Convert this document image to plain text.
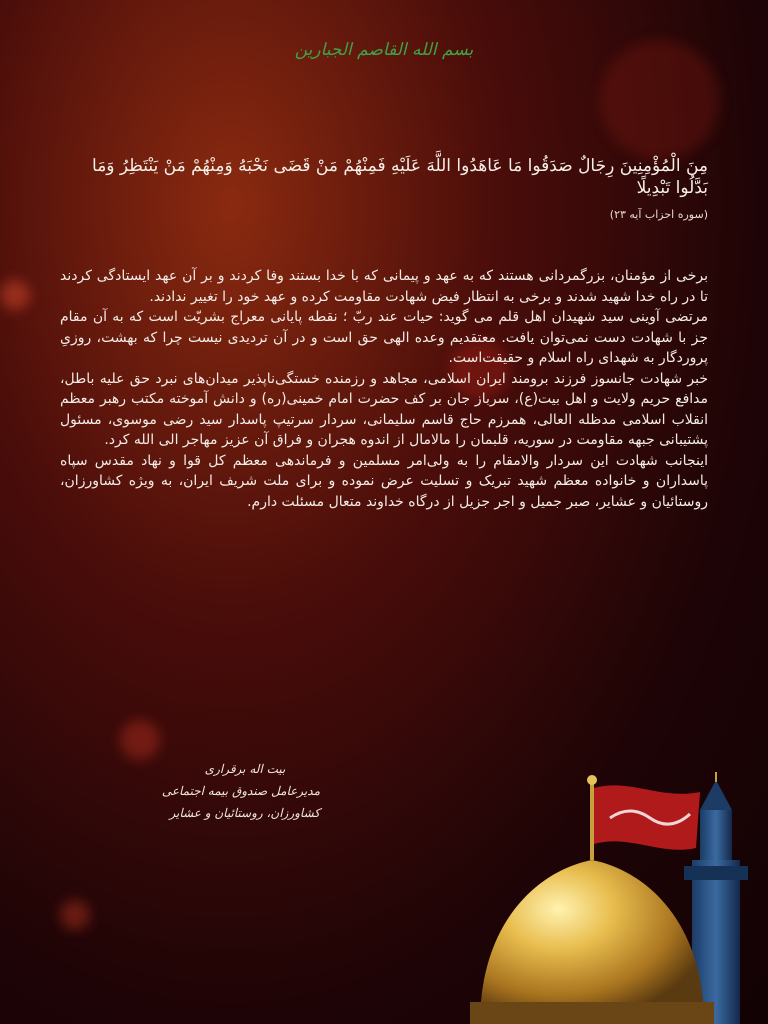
بسم الله القاصم الجبارین
مِنَ الْمُؤْمِنِينَ رِجَالٌ صَدَقُوا مَا عَاهَدُوا اللَّهَ عَلَيْهِ فَمِنْهُمْ مَنْ قَضَى نَحْبَهُ وَمِنْهُمْ مَنْ يَنْتَظِرُ وَمَا بَدَّلُوا تَبْدِيلًا
(سوره احزاب آیه ۲۳)

برخی از مؤمنان، بزرگمردانی هستند که به عهد و پیمانی که با خدا بستند وفا کردند و بر آن عهد ایستادگی کردند تا در راه خدا شهید شدند و برخی به انتظار فیض شهادت مقاومت کرده و عهد خود را تغییر ندادند.

مرتضی آوینی سید شهیدان اهل قلم می گوید: حیات عند ربّ ؛ نقطه پایانی معراج بشریّت است که به آن مقام جز با شهادت دست نمی‌توان یافت. معتقدیم وعده الهی حق است و در آن تردیدی نیست چرا که بهشت، روزیِ پروردگار به شهدای راه اسلام و حقیقت‌است.

خبر شهادت جانسوز فرزند برومند ایران اسلامی، مجاهد و رزمنده خستگی‌ناپذیر میدان‌های نبرد حق علیه باطل، مدافع حریم ولایت و اهل بیت(ع)، سرباز جان بر کف حضرت امام خمینی(ره) و دانش آموخته مکتب رهبر معظم انقلاب اسلامی مدظله العالی، همرزم حاج قاسم سلیمانی، سردار سرتیپ پاسدار سید رضی موسوی، مسئول پشتیبانی جبهه مقاومت در سوریه، قلبمان را مالامال از اندوه هجران و فراق آن عزیز مهاجر الی الله کرد.

اینجانب شهادت این سردار والامقام را به ولی‌امر مسلمین و فرماندهی معظم کل قوا و نهاد مقدس سپاه پاسداران و خانواده معظم شهید تبریک و تسلیت عرض نموده و برای ملت شریف ایران، به ویژه کشاورزان، روستائیان و عشایر، صبر جمیل و اجر جزیل از درگاه خداوند متعال مسئلت دارم.

بیت اله برقراری
مدیرعامل صندوق بیمه اجتماعی
کشاورزان، روستائیان و عشایر
